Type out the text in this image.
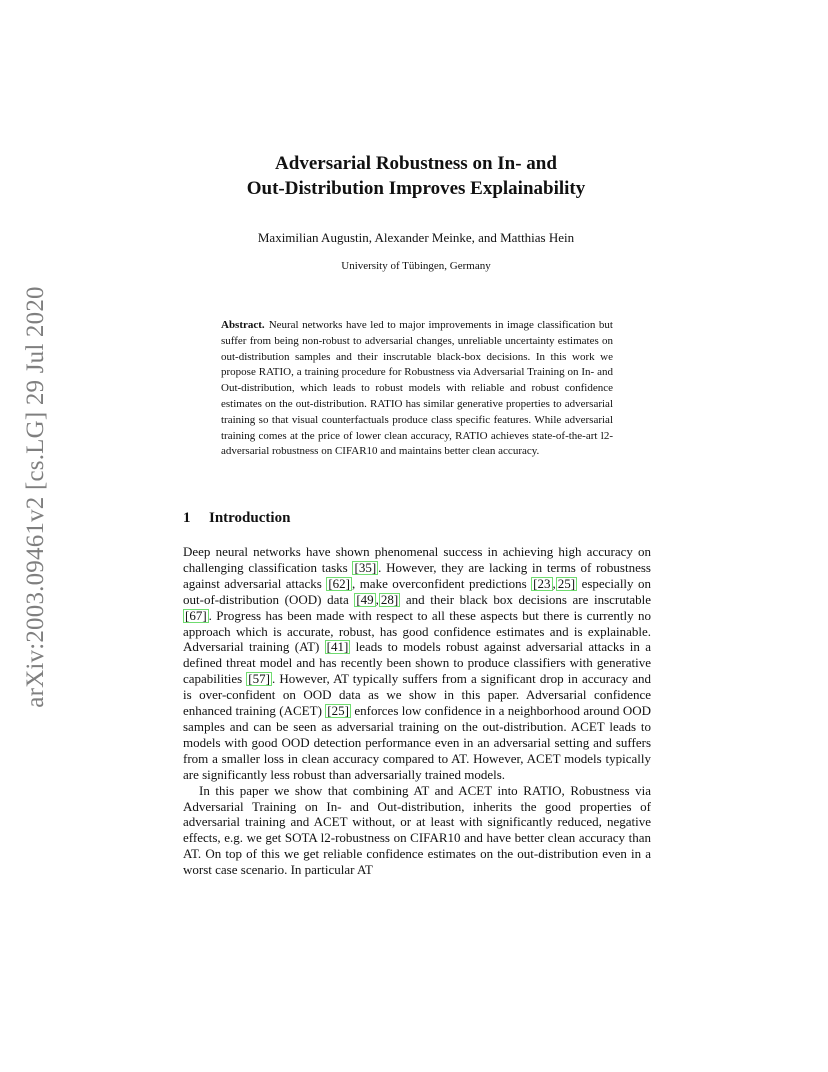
arXiv:2003.09461v2 [cs.LG] 29 Jul 2020
Adversarial Robustness on In- and
Out-Distribution Improves Explainability
Maximilian Augustin, Alexander Meinke, and Matthias Hein
University of Tübingen, Germany
Abstract. Neural networks have led to major improvements in image classification but suffer from being non-robust to adversarial changes, unreliable uncertainty estimates on out-distribution samples and their inscrutable black-box decisions. In this work we propose RATIO, a training procedure for Robustness via Adversarial Training on In- and Out-distribution, which leads to robust models with reliable and robust confidence estimates on the out-distribution. RATIO has similar generative properties to adversarial training so that visual counterfactuals produce class specific features. While adversarial training comes at the price of lower clean accuracy, RATIO achieves state-of-the-art l2-adversarial robustness on CIFAR10 and maintains better clean accuracy.
1 Introduction

Deep neural networks have shown phenomenal success in achieving high accuracy on challenging classification tasks [35] . However, they are lacking in terms of robustness against adversarial attacks [62] , make overconfident predictions [23 , 25] especially on out-of-distribution (OOD) data [49 , 28] and their black box decisions are inscrutable [67] . Progress has been made with respect to all these aspects but there is currently no approach which is accurate, robust, has good confidence estimates and is explainable. Adversarial training (AT) [41] leads to models robust against adversarial attacks in a defined threat model and has recently been shown to produce classifiers with generative capabilities [57] . However, AT typically suffers from a significant drop in accuracy and is over-confident on OOD data as we show in this paper. Adversarial confidence enhanced training (ACET) [25] enforces low confidence in a neighborhood around OOD samples and can be seen as adversarial training on the out-distribution. ACET leads to models with good OOD detection performance even in an adversarial setting and suffers from a smaller loss in clean accuracy compared to AT. However, ACET models typically are significantly less robust than adversarially trained models.

In this paper we show that combining AT and ACET into RATIO, Robustness via Adversarial Training on In- and Out-distribution, inherits the good properties of adversarial training and ACET without, or at least with significantly reduced, negative effects, e.g. we get SOTA l2-robustness on CIFAR10 and have better clean accuracy than AT. On top of this we get reliable confidence estimates on the out-distribution even in a worst case scenario. In particular AT
